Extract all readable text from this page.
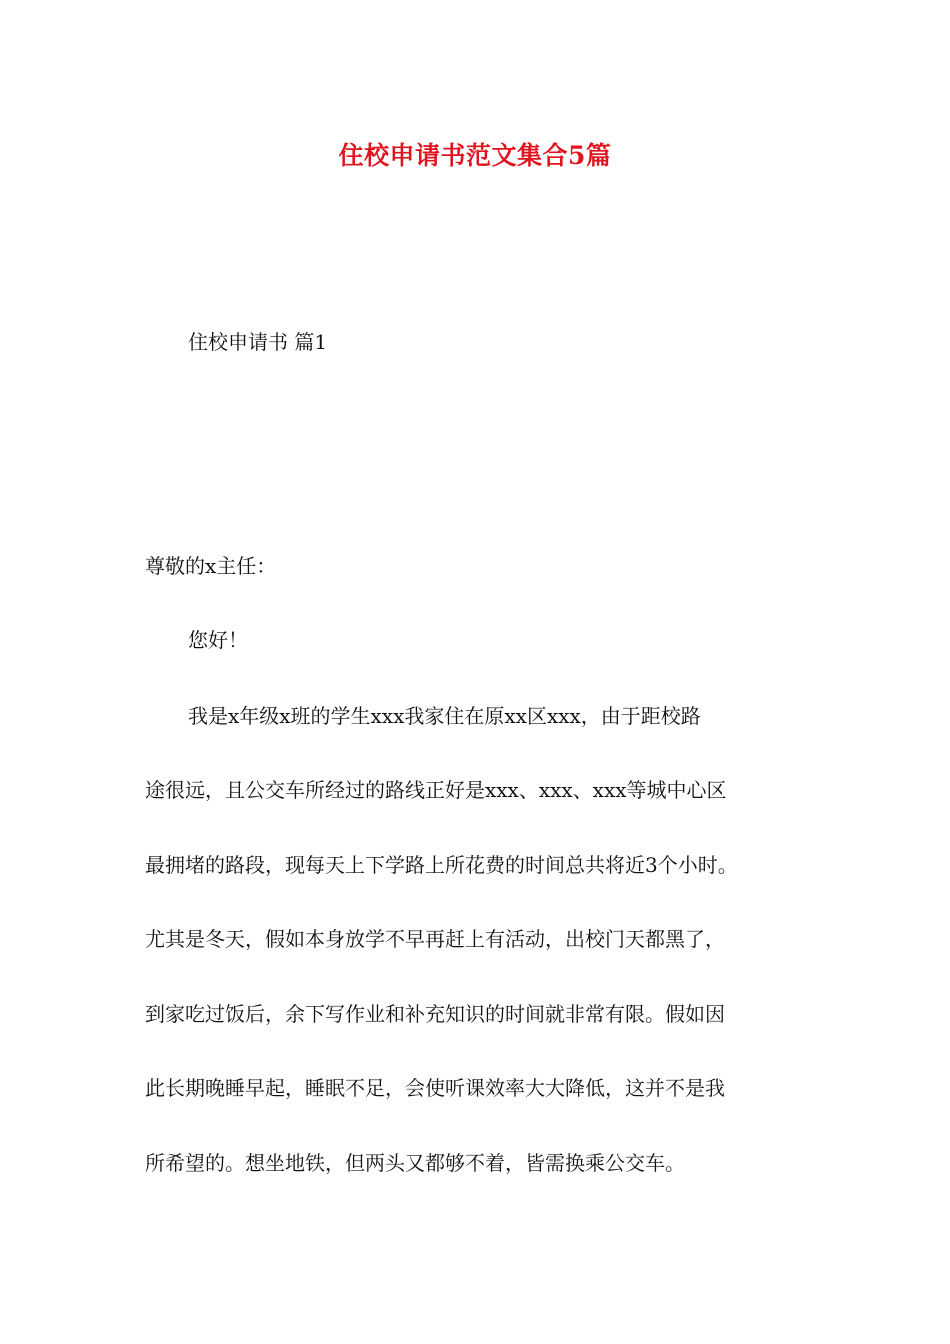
住校申请书范文集合5篇

住校申请书 篇1

尊敬的x主任：

您好！

我是x年级x班的学生xxx我家住在原xx区xxx，由于距校路

途很远，且公交车所经过的路线正好是xxx、xxx、xxx等城中心区

最拥堵的路段，现每天上下学路上所花费的时间总共将近3个小时。

尤其是冬天，假如本身放学不早再赶上有活动，出校门天都黑了，

到家吃过饭后，余下写作业和补充知识的时间就非常有限。假如因

此长期晚睡早起，睡眠不足，会使听课效率大大降低，这并不是我

所希望的。想坐地铁，但两头又都够不着，皆需换乘公交车。
